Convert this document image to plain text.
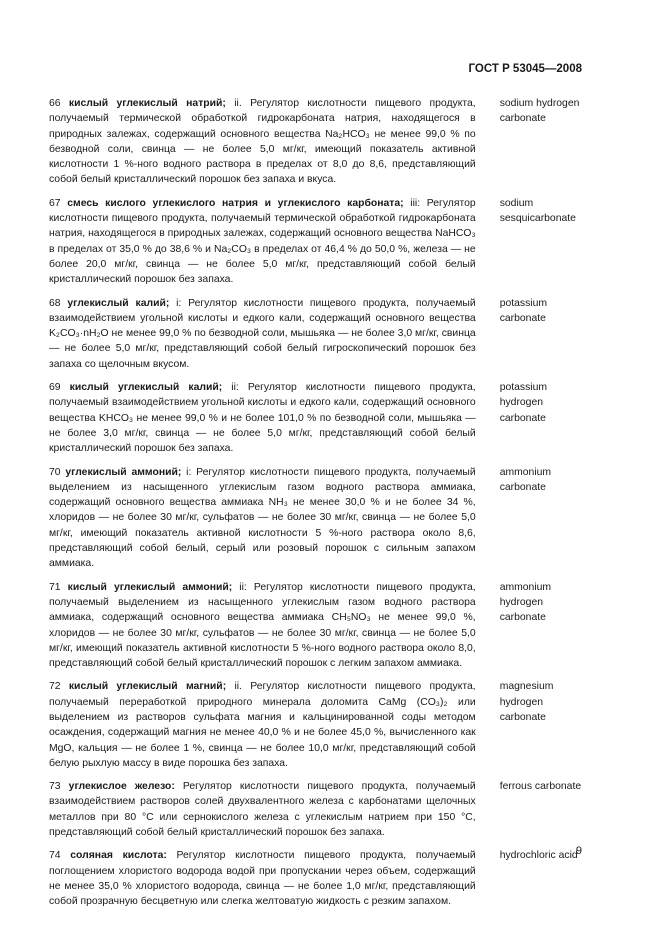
ГОСТ Р 53045—2008
66 кислый углекислый натрий; ii. Регулятор кислотности пищевого продукта, получаемый термической обработкой гидрокарбоната натрия, находящегося в природных залежах, содержащий основного вещества Na₂HCO₃ не менее 99,0 % по безводной соли, свинца — не более 5,0 мг/кг, имеющий показатель активной кислотности 1 %-ного водного раствора в пределах от 8,0 до 8,6, представляющий собой белый кристаллический порошок без запаха и вкуса.
sodium hydrogen carbonate
67 смесь кислого углекислого натрия и углекислого карбоната; iii: Регулятор кислотности пищевого продукта, получаемый термической обработкой гидрокарбоната натрия, находящегося в природных залежах, содержащий основного вещества NaHCO₃ в пределах от 35,0 % до 38,6 % и Na₂CO₃ в пределах от 46,4 % до 50,0 %, железа — не более 20,0 мг/кг, свинца — не более 5,0 мг/кг, представляющий собой белый кристаллический порошок без запаха.
sodium sesquicarbonate
68 углекислый калий; i: Регулятор кислотности пищевого продукта, получаемый взаимодействием угольной кислоты и едкого кали, содержащий основного вещества K₂CO₃·nH₂O не менее 99,0 % по безводной соли, мышьяка — не более 3,0 мг/кг, свинца — не более 5,0 мг/кг, представляющий собой белый гигроскопический порошок без запаха со щелочным вкусом.
potassium carbonate
69 кислый углекислый калий; ii: Регулятор кислотности пищевого продукта, получаемый взаимодействием угольной кислоты и едкого кали, содержащий основного вещества KHCO₃ не менее 99,0 % и не более 101,0 % по безводной соли, мышьяка — не более 3,0 мг/кг, свинца — не более 5,0 мг/кг, представляющий собой белый кристаллический порошок без запаха.
potassium hydrogen carbonate
70 углекислый аммоний; i: Регулятор кислотности пищевого продукта, получаемый выделением из насыщенного углекислым газом водного раствора аммиака, содержащий основного вещества аммиака NH₃ не менее 30,0 % и не более 34 %, хлоридов — не более 30 мг/кг, сульфатов — не более 30 мг/кг, свинца — не более 5,0 мг/кг, имеющий показатель активной кислотности 5 %-ного раствора около 8,6, представляющий собой белый, серый или розовый порошок с сильным запахом аммиака.
ammonium carbonate
71 кислый углекислый аммоний; ii: Регулятор кислотности пищевого продукта, получаемый выделением из насыщенного углекислым газом водного раствора аммиака, содержащий основного вещества аммиака CH₅NO₃ не менее 99,0 %, хлоридов — не более 30 мг/кг, сульфатов — не более 30 мг/кг, свинца — не более 5,0 мг/кг, имеющий показатель активной кислотности 5 %-ного водного раствора около 8,0, представляющий собой белый кристаллический порошок с легким запахом аммиака.
ammonium hydrogen carbonate
72 кислый углекислый магний; ii. Регулятор кислотности пищевого продукта, получаемый переработкой природного минерала доломита CaMg (CO₃)₂ или выделением из растворов сульфата магния и кальцинированной соды методом осаждения, содержащий магния не менее 40,0 % и не более 45,0 %, вычисленного как MgO, кальция — не более 1 %, свинца — не более 10,0 мг/кг, представляющий собой белую рыхлую массу в виде порошка без запаха.
magnesium hydrogen carbonate
73 углекислое железо: Регулятор кислотности пищевого продукта, получаемый взаимодействием растворов солей двухвалентного железа с карбонатами щелочных металлов при 80 °C или сернокислого железа с углекислым натрием при 150 °C, представляющий собой белый кристаллический порошок без запаха.
ferrous carbonate
74 соляная кислота: Регулятор кислотности пищевого продукта, получаемый поглощением хлористого водорода водой при пропускании через объем, содержащий не менее 35,0 % хлористого водорода, свинца — не более 1,0 мг/кг, представляющий собой прозрачную бесцветную или слегка желтоватую жидкость с резким запахом.
hydrochloric acid
9
